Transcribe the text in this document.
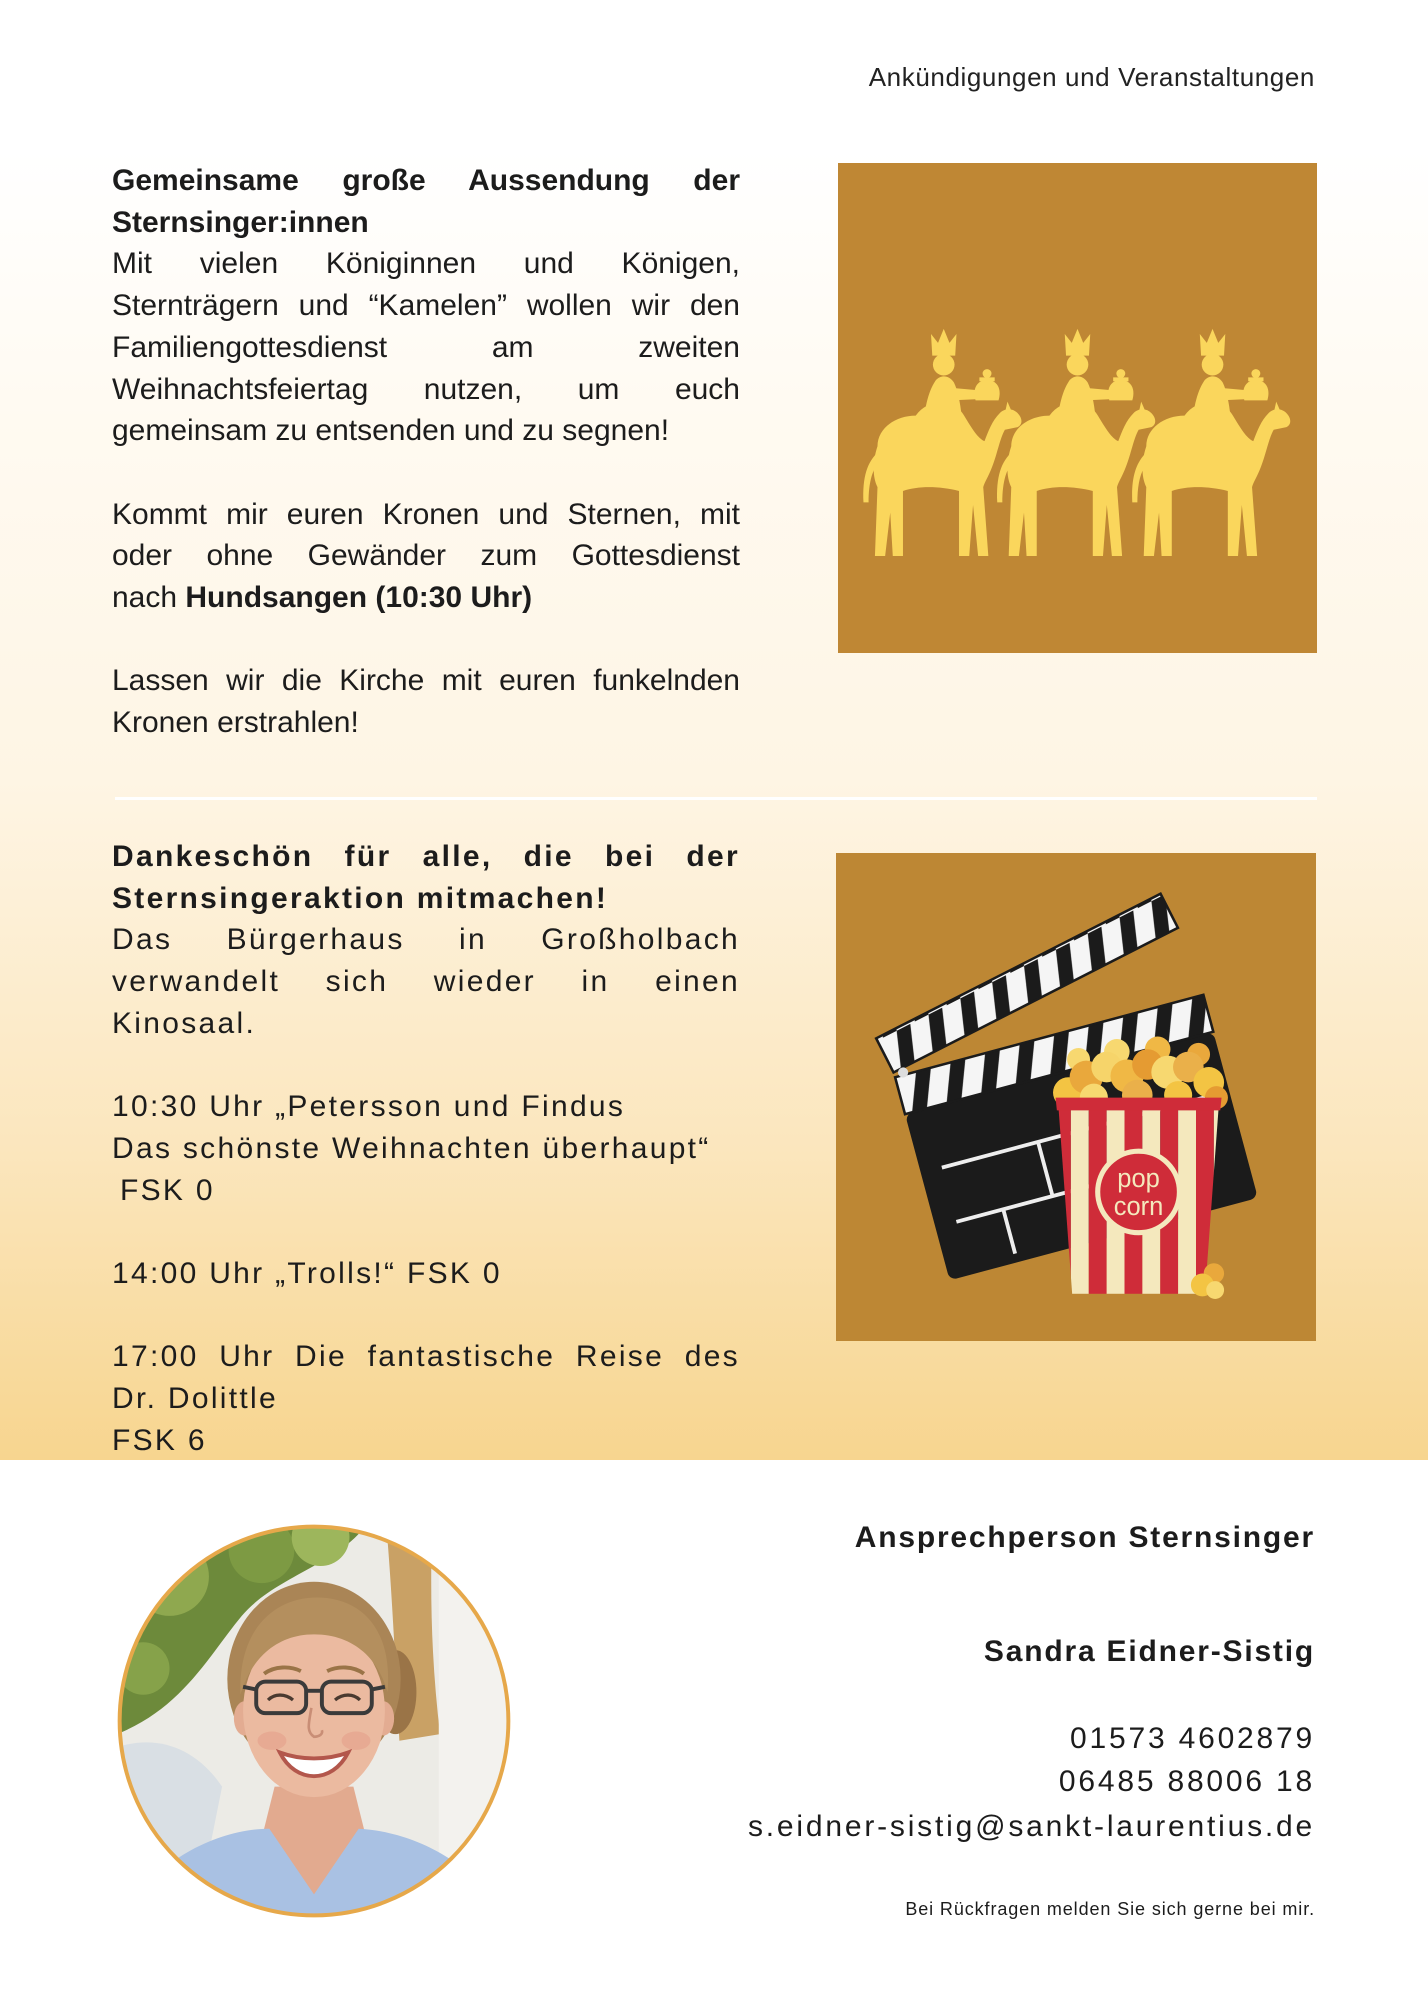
Ankündigungen und Veranstaltungen
Gemeinsame große Aussendung der
Sternsinger:innen
Mit vielen Königinnen und Königen,
Sternträgern und “Kamelen” wollen wir den
Familiengottesdienst am zweiten
Weihnachtsfeiertag nutzen, um euch
gemeinsam zu entsenden und zu segnen!
Kommt mir euren Kronen und Sternen, mit
oder ohne Gewänder zum Gottesdienst
nach Hundsangen (10:30 Uhr)
Lassen wir die Kirche mit euren funkelnden
Kronen erstrahlen!
Dankeschön für alle, die bei der
Sternsingeraktion mitmachen!
Das Bürgerhaus in Großholbach
verwandelt sich wieder in einen
Kinosaal.
10:30 Uhr „Petersson und Findus
Das schönste Weihnachten überhaupt“
FSK 0
14:00 Uhr „Trolls!“ FSK 0
17:00 Uhr Die fantastische Reise des
Dr. Dolittle
FSK 6
pop
corn
Ansprechperson Sternsinger
Sandra Eidner-Sistig
01573 4602879
06485 88006 18
s.eidner-sistig@sankt-laurentius.de
Bei Rückfragen melden Sie sich gerne bei mir.
